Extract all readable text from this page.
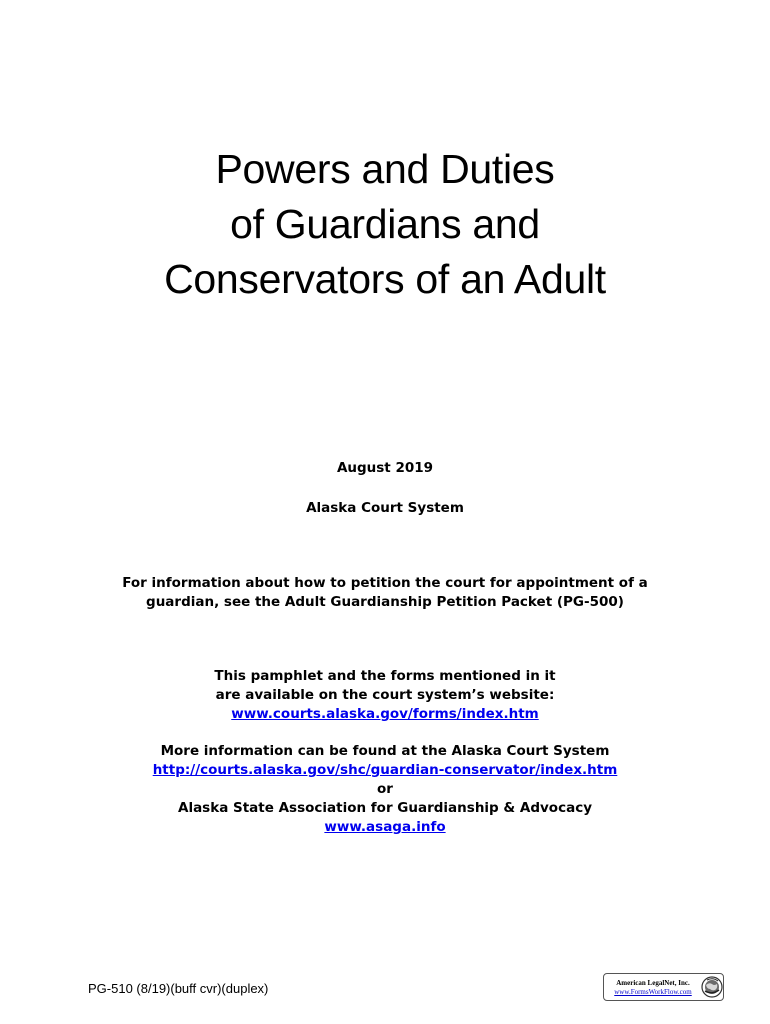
Powers and Duties
of Guardians and
Conservators of an Adult
August 2019
Alaska Court System
For information about how to petition the court for appointment of a
guardian, see the Adult Guardianship Petition Packet (PG-500)
This pamphlet and the forms mentioned in it
are available on the court system’s website:
www.courts.alaska.gov/forms/index.htm
More information can be found at the Alaska Court System
http://courts.alaska.gov/shc/guardian-conservator/index.htm
or
Alaska State Association for Guardianship & Advocacy
www.asaga.info
PG-510 (8/19)(buff cvr)(duplex)	American LegalNet, Inc.
www.FormsWorkFlow.com
